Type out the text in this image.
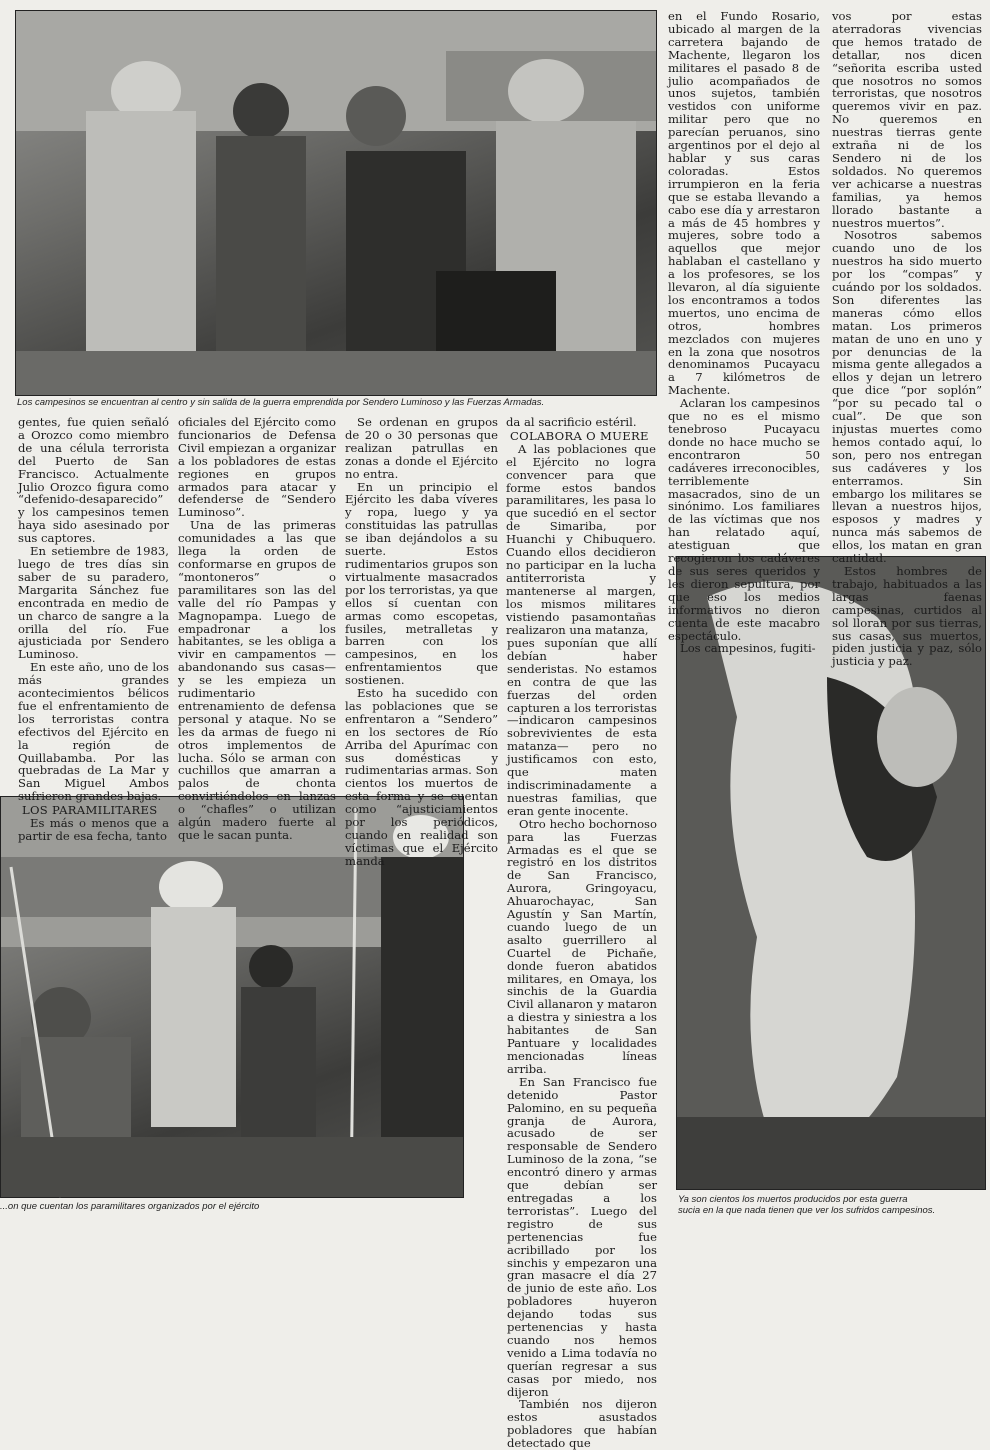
Los campesinos se encuentran al centro y sin salida de la guerra emprendida por Sendero Luminoso y las Fuerzas Armadas.
...on que cuentan los paramilitares organizados por el ejército
Ya son cientos los muertos producidos por esta guerra
sucia en la que nada tienen que ver los sufridos campesinos.

gentes, fue quien señaló a Orozco como miembro de una célula terrorista del Puerto de San Francisco. Actualmente Julio Orozco figura como “defenido-desaparecido” y los campesinos temen haya sido asesinado por sus captores.

En setiembre de 1983, luego de tres días sin saber de su paradero, Margarita Sánchez fue encontrada en medio de un charco de sangre a la orilla del río. Fue ajusticiada por Sendero Luminoso.

En este año, uno de los más grandes acontecimientos bélicos fue el enfrentamiento de los terroristas contra efectivos del Ejército en la región de Quillabamba. Por las quebradas de La Mar y San Miguel Ambos sufrieron grandes bajas.

LOS PARAMILITARES

Es más o menos que a partir de esa fecha, tanto

oficiales del Ejército como funcionarios de Defensa Civil empiezan a organizar a los pobladores de estas regiones en grupos armados para atacar y defenderse de “Sendero Luminoso”.

Una de las primeras comunidades a las que llega la orden de conformarse en grupos de “montoneros” o paramilitares son las del valle del río Pampas y Magnopampa. Luego de empadronar a los habitantes, se les obliga a vivir en campamentos —abandonando sus casas— y se les empieza un rudimentario entrenamiento de defensa personal y ataque. No se les da armas de fuego ni otros implementos de lucha. Sólo se arman con cuchillos que amarran a palos de chonta convirtiéndolos en lanzas o “chafles” o utilizan algún madero fuerte al que le sacan punta.

Se ordenan en grupos de 20 o 30 personas que realizan patrullas en zonas a donde el Ejército no entra.

En un principio el Ejército les daba víveres y ropa, luego y ya constituidas las patrullas se iban dejándolos a su suerte. Estos rudimentarios grupos son virtualmente masacrados por los terroristas, ya que ellos sí cuentan con armas como escopetas, fusiles, metralletas y barren con los campesinos, en los enfrentamientos que sostienen.

Esto ha sucedido con las poblaciones que se enfrentaron a “Sendero” en los sectores de Río Arriba del Apurímac con sus domésticas y rudimentarias armas. Son cientos los muertos de esta forma y se cuentan como “ajusticiamientos por los periódicos, cuando en realidad son víctimas que el Ejército manda

da al sacrificio estéril.

COLABORA O MUERE

A las poblaciones que el Ejército no logra convencer para que forme estos bandos paramilitares, les pasa lo que sucedió en el sector de Simariba, por Huanchi y Chibuquero. Cuando ellos decidieron no participar en la lucha antiterrorista y mantenerse al margen, los mismos militares vistiendo pasamontañas realizaron una matanza,

pues suponían que allí debían haber senderistas. No estamos en contra de que las fuerzas del orden capturen a los terroristas —indicaron campesinos sobrevivientes de esta matanza— pero no justificamos con esto, que maten indiscriminadamente a nuestras familias, que eran gente inocente.

Otro hecho bochornoso para las Fuerzas Armadas es el que se registró en los distritos de San Francisco, Aurora, Gringoyacu, Ahuarochayac, San Agustín y San Martín, cuando luego de un asalto guerrillero al Cuartel de Pichañe, donde fueron abatidos militares, en Omaya, los sinchis de la Guardia Civil allanaron y mataron a diestra y siniestra a los habitantes de San Pantuare y localidades mencionadas líneas arriba.

En San Francisco fue detenido Pastor Palomino, en su pequeña granja de Aurora, acusado de ser responsable de Sendero Luminoso de la zona, “se encontró dinero y armas que debían ser entregadas a los terroristas”. Luego del registro de sus pertenencias fue acribillado por los sinchis y empezaron una gran masacre el día 27 de junio de este año. Los pobladores huyeron dejando todas sus pertenencias y hasta cuando nos hemos venido a Lima todavía no querían regresar a sus casas por miedo, nos dijeron

También nos dijeron estos asustados pobladores que habían detectado que

en el Fundo Rosario, ubicado al margen de la carretera bajando de Machente, llegaron los militares el pasado 8 de julio acompañados de unos sujetos, también vestidos con uniforme militar pero que no parecían peruanos, sino argentinos por el dejo al hablar y sus caras coloradas. Estos irrumpieron en la feria que se estaba llevando a cabo ese día y arrestaron a más de 45 hombres y mujeres, sobre todo a aquellos que mejor hablaban el castellano y a los profesores, se los llevaron, al día siguiente los encontramos a todos muertos, uno encima de otros, hombres mezclados con mujeres en la zona que nosotros denominamos Pucayacu a 7 kilómetros de Machente.

Aclaran los campesinos que no es el mismo tenebroso Pucayacu donde no hace mucho se encontraron 50 cadáveres irreconocibles, terriblemente masacrados, sino de un sinónimo. Los familiares de las víctimas que nos han relatado aquí, atestiguan que recogieron los cadáveres de sus seres queridos y les dieron sepultura, por que eso los medios informativos no dieron cuenta de este macabro espectáculo.

Los campesinos, fugiti-

vos por estas aterradoras vivencias que hemos tratado de detallar, nos dicen “señorita escriba usted que nosotros no somos terroristas, que nosotros queremos vivir en paz. No queremos en nuestras tierras gente extraña ni de los Sendero ni de los soldados. No queremos ver achicarse a nuestras familias, ya hemos llorado bastante a nuestros muertos”.

Nosotros sabemos cuando uno de los nuestros ha sido muerto por los “compas” y cuándo por los soldados. Son diferentes las maneras cómo ellos matan. Los primeros matan de uno en uno y por denuncias de la misma gente allegados a ellos y dejan un letrero que dice “por soplón” “por su pecado tal o cual”. De que son injustas muertes como hemos contado aquí, lo son, pero nos entregan sus cadáveres y los enterramos. Sin embargo los militares se llevan a nuestros hijos, esposos y madres y nunca más sabemos de ellos, los matan en gran cantidad.

Estos hombres de trabajo, habituados a las largas faenas campesinas, curtidos al sol lloran por sus tierras, sus casas, sus muertos, piden justicia y paz, sólo justicia y paz.
